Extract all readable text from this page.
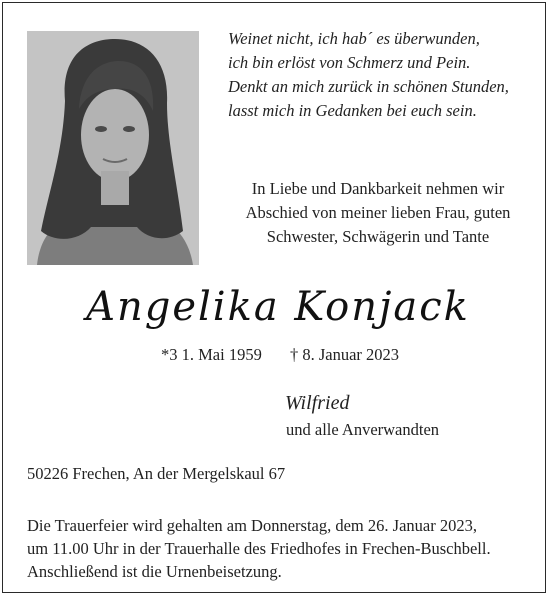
Weinet nicht, ich hab´ es überwunden,
ich bin erlöst von Schmerz und Pein.
Denkt an mich zurück in schönen Stunden,
lasst mich in Gedanken bei euch sein.
In Liebe und Dankbarkeit nehmen wir
Abschied von meiner lieben Frau, guten
Schwester, Schwägerin und Tante
Angelika Konjack
*3 1. Mai 1959 † 8. Januar 2023
Wilfried
und alle Anverwandten
50226 Frechen, An der Mergelskaul 67
Die Trauerfeier wird gehalten am Donnerstag, dem 26. Januar 2023,
um 11.00 Uhr in der Trauerhalle des Friedhofes in Frechen-Buschbell.
Anschließend ist die Urnenbeisetzung.
